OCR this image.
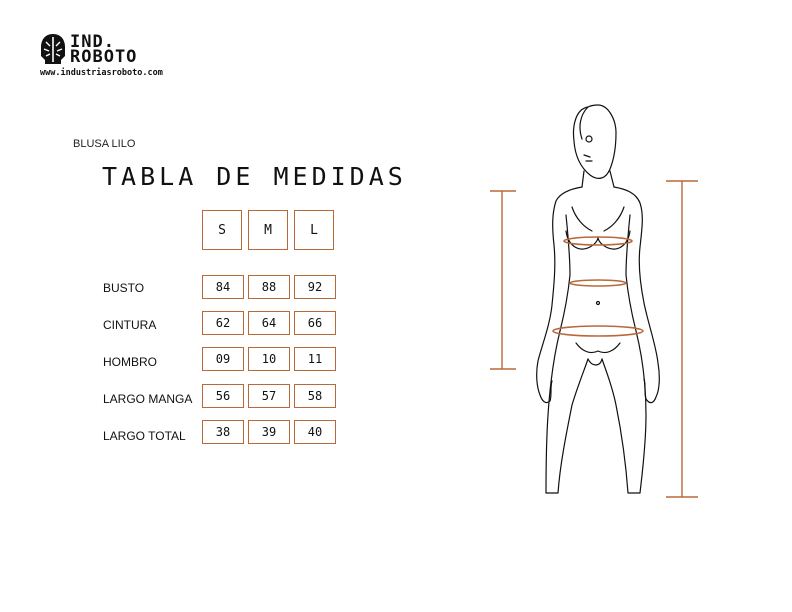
IND.
ROBOTO
www.industriasroboto.com
BLUSA LILO
TABLA DE MEDIDAS
S	M	L
BUSTO	84	88	92
CINTURA	62	64	66
HOMBRO	09	10	11
LARGO MANGA	56	57	58
LARGO TOTAL	38	39	40
